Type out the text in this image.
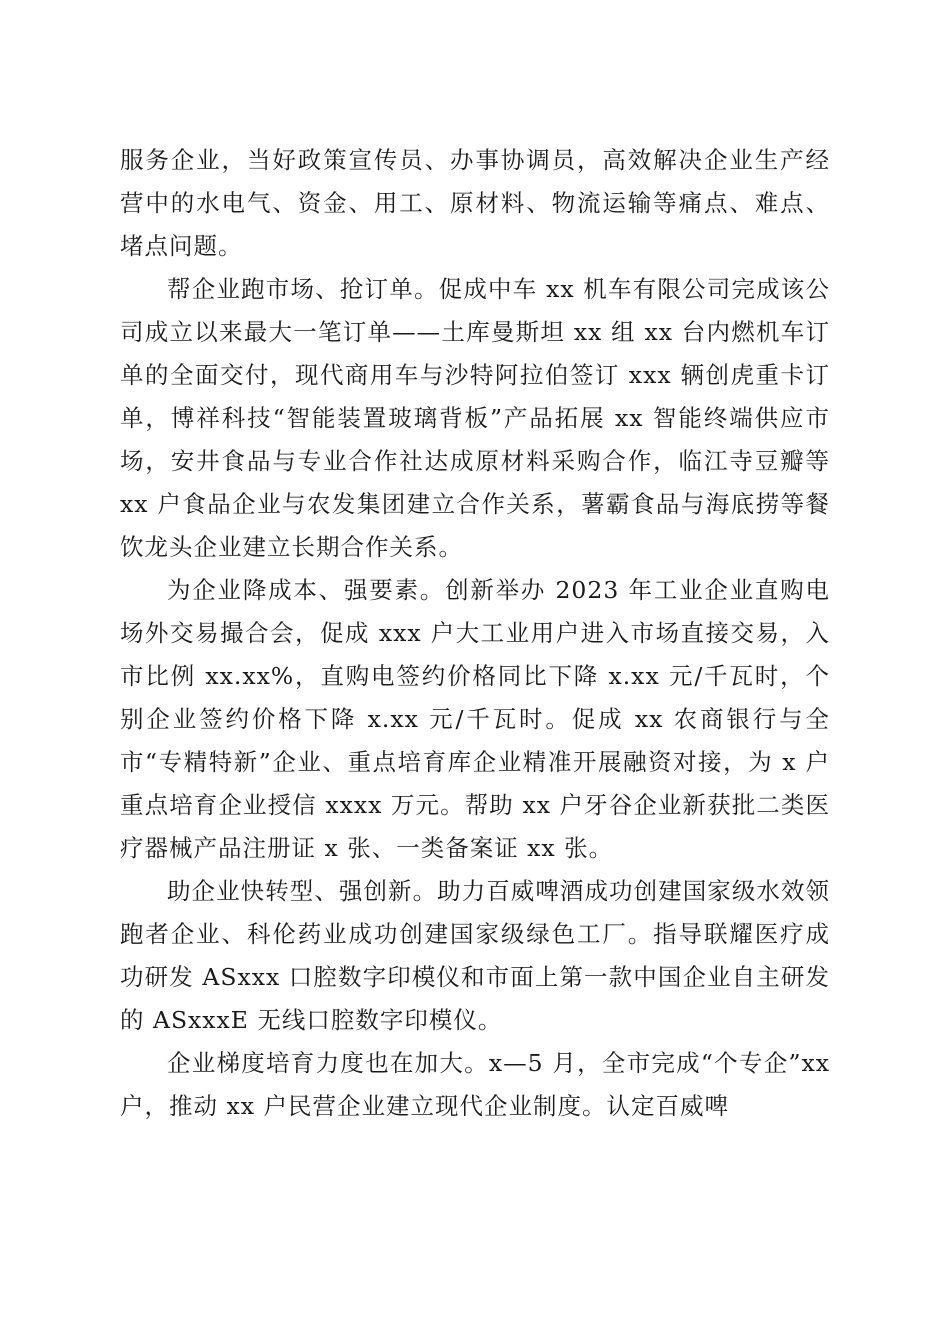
服务企业，当好政策宣传员、办事协调员，高效解决企业生产经营中的水电气、资金、用工、原材料、物流运输等痛点、难点、堵点问题。

帮企业跑市场、抢订单。促成中车 xx 机车有限公司完成该公司成立以来最大一笔订单——土库曼斯坦 xx 组 xx 台内燃机车订单的全面交付，现代商用车与沙特阿拉伯签订 xxx 辆创虎重卡订单，博祥科技“智能装置玻璃背板”产品拓展 xx 智能终端供应市场，安井食品与专业合作社达成原材料采购合作，临江寺豆瓣等 xx 户食品企业与农发集团建立合作关系，薯霸食品与海底捞等餐饮龙头企业建立长期合作关系。

为企业降成本、强要素。创新举办 2023 年工业企业直购电场外交易撮合会，促成 xxx 户大工业用户进入市场直接交易，入市比例 xx.xx%，直购电签约价格同比下降 x.xx 元/千瓦时，个别企业签约价格下降 x.xx 元/千瓦时。促成 xx 农商银行与全市“专精特新”企业、重点培育库企业精准开展融资对接，为 x 户重点培育企业授信 xxxx 万元。帮助 xx 户牙谷企业新获批二类医疗器械产品注册证 x 张、一类备案证 xx 张。

助企业快转型、强创新。助力百威啤酒成功创建国家级水效领跑者企业、科伦药业成功创建国家级绿色工厂。指导联耀医疗成功研发 ASxxx 口腔数字印模仪和市面上第一款中国企业自主研发的 ASxxxE 无线口腔数字印模仪。

企业梯度培育力度也在加大。x—5 月，全市完成“个专企”xx 户，推动 xx 户民营企业建立现代企业制度。认定百威啤
